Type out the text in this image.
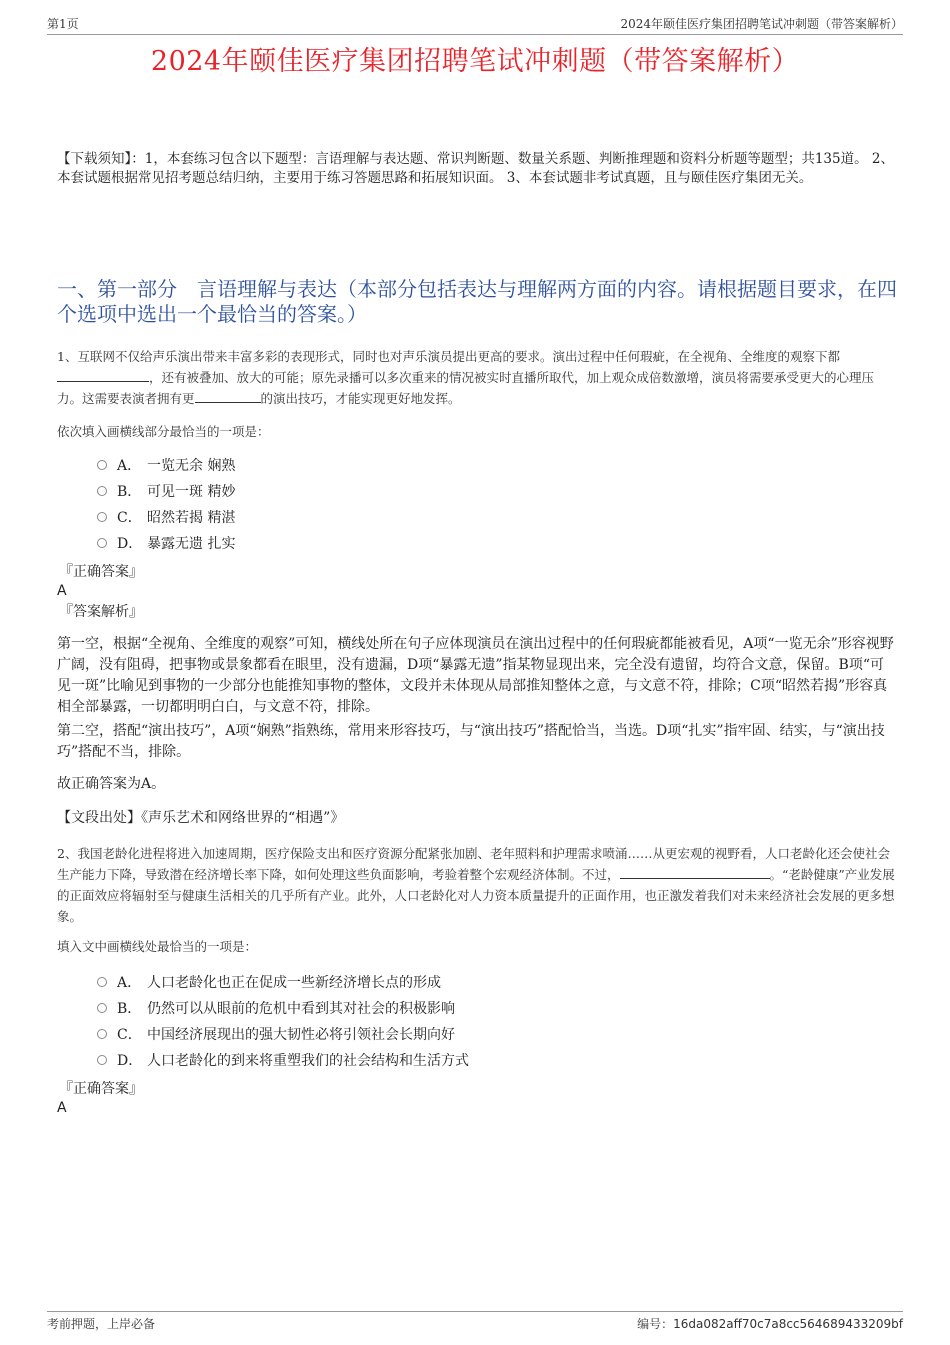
第1页	2024年颐佳医疗集团招聘笔试冲刺题（带答案解析）
2024年颐佳医疗集团招聘笔试冲刺题（带答案解析）
【下载须知】：1，本套练习包含以下题型：言语理解与表达题、常识判断题、数量关系题、判断推理题和资料分析题等题型；共135道。 2、本套试题根据常见招考题总结归纳，主要用于练习答题思路和拓展知识面。 3、本套试题非考试真题，且与颐佳医疗集团无关。
一、第一部分　言语理解与表达（本部分包括表达与理解两方面的内容。请根据题目要求，在四个选项中选出一个最恰当的答案。）
1、互联网不仅给声乐演出带来丰富多彩的表现形式，同时也对声乐演员提出更高的要求。演出过程中任何瑕疵，在全视角、全维度的观察下都，还有被叠加、放大的可能；原先录播可以多次重来的情况被实时直播所取代，加上观众成倍数激增，演员将需要承受更大的心理压力。这需要表演者拥有更	的演出技巧，才能实现更好地发挥。
依次填入画横线部分最恰当的一项是：
A． 一览无余 娴熟
B． 可见一斑 精妙
C． 昭然若揭 精湛
D． 暴露无遗 扎实
『正确答案』
A
『答案解析』
第一空，根据“全视角、全维度的观察”可知，横线处所在句子应体现演员在演出过程中的任何瑕疵都能被看见，A项“一览无余”形容视野广阔，没有阻碍，把事物或景象都看在眼里，没有遗漏，D项“暴露无遗”指某物显现出来，完全没有遗留，均符合文意，保留。B项“可见一斑”比喻见到事物的一少部分也能推知事物的整体，文段并未体现从局部推知整体之意，与文意不符，排除；C项“昭然若揭”形容真相全部暴露，一切都明明白白，与文意不符，排除。
第二空，搭配“演出技巧”，A项“娴熟”指熟练，常用来形容技巧，与“演出技巧”搭配恰当，当选。D项“扎实”指牢固、结实，与“演出技巧”搭配不当，排除。
故正确答案为A。
【文段出处】《声乐艺术和网络世界的“相遇”》
2、我国老龄化进程将进入加速周期，医疗保险支出和医疗资源分配紧张加剧、老年照料和护理需求喷涌……从更宏观的视野看，人口老龄化还会使社会生产能力下降，导致潜在经济增长率下降，如何处理这些负面影响，考验着整个宏观经济体制。不过，	。“老龄健康”产业发展的正面效应将辐射至与健康生活相关的几乎所有产业。此外，人口老龄化对人力资本质量提升的正面作用，也正激发着我们对未来经济社会发展的更多想象。
填入文中画横线处最恰当的一项是：
A． 人口老龄化也正在促成一些新经济增长点的形成
B． 仍然可以从眼前的危机中看到其对社会的积极影响
C． 中国经济展现出的强大韧性必将引领社会长期向好
D． 人口老龄化的到来将重塑我们的社会结构和生活方式
『正确答案』
A
考前押题，上岸必备	编号：16da082aff70c7a8cc564689433209bf
